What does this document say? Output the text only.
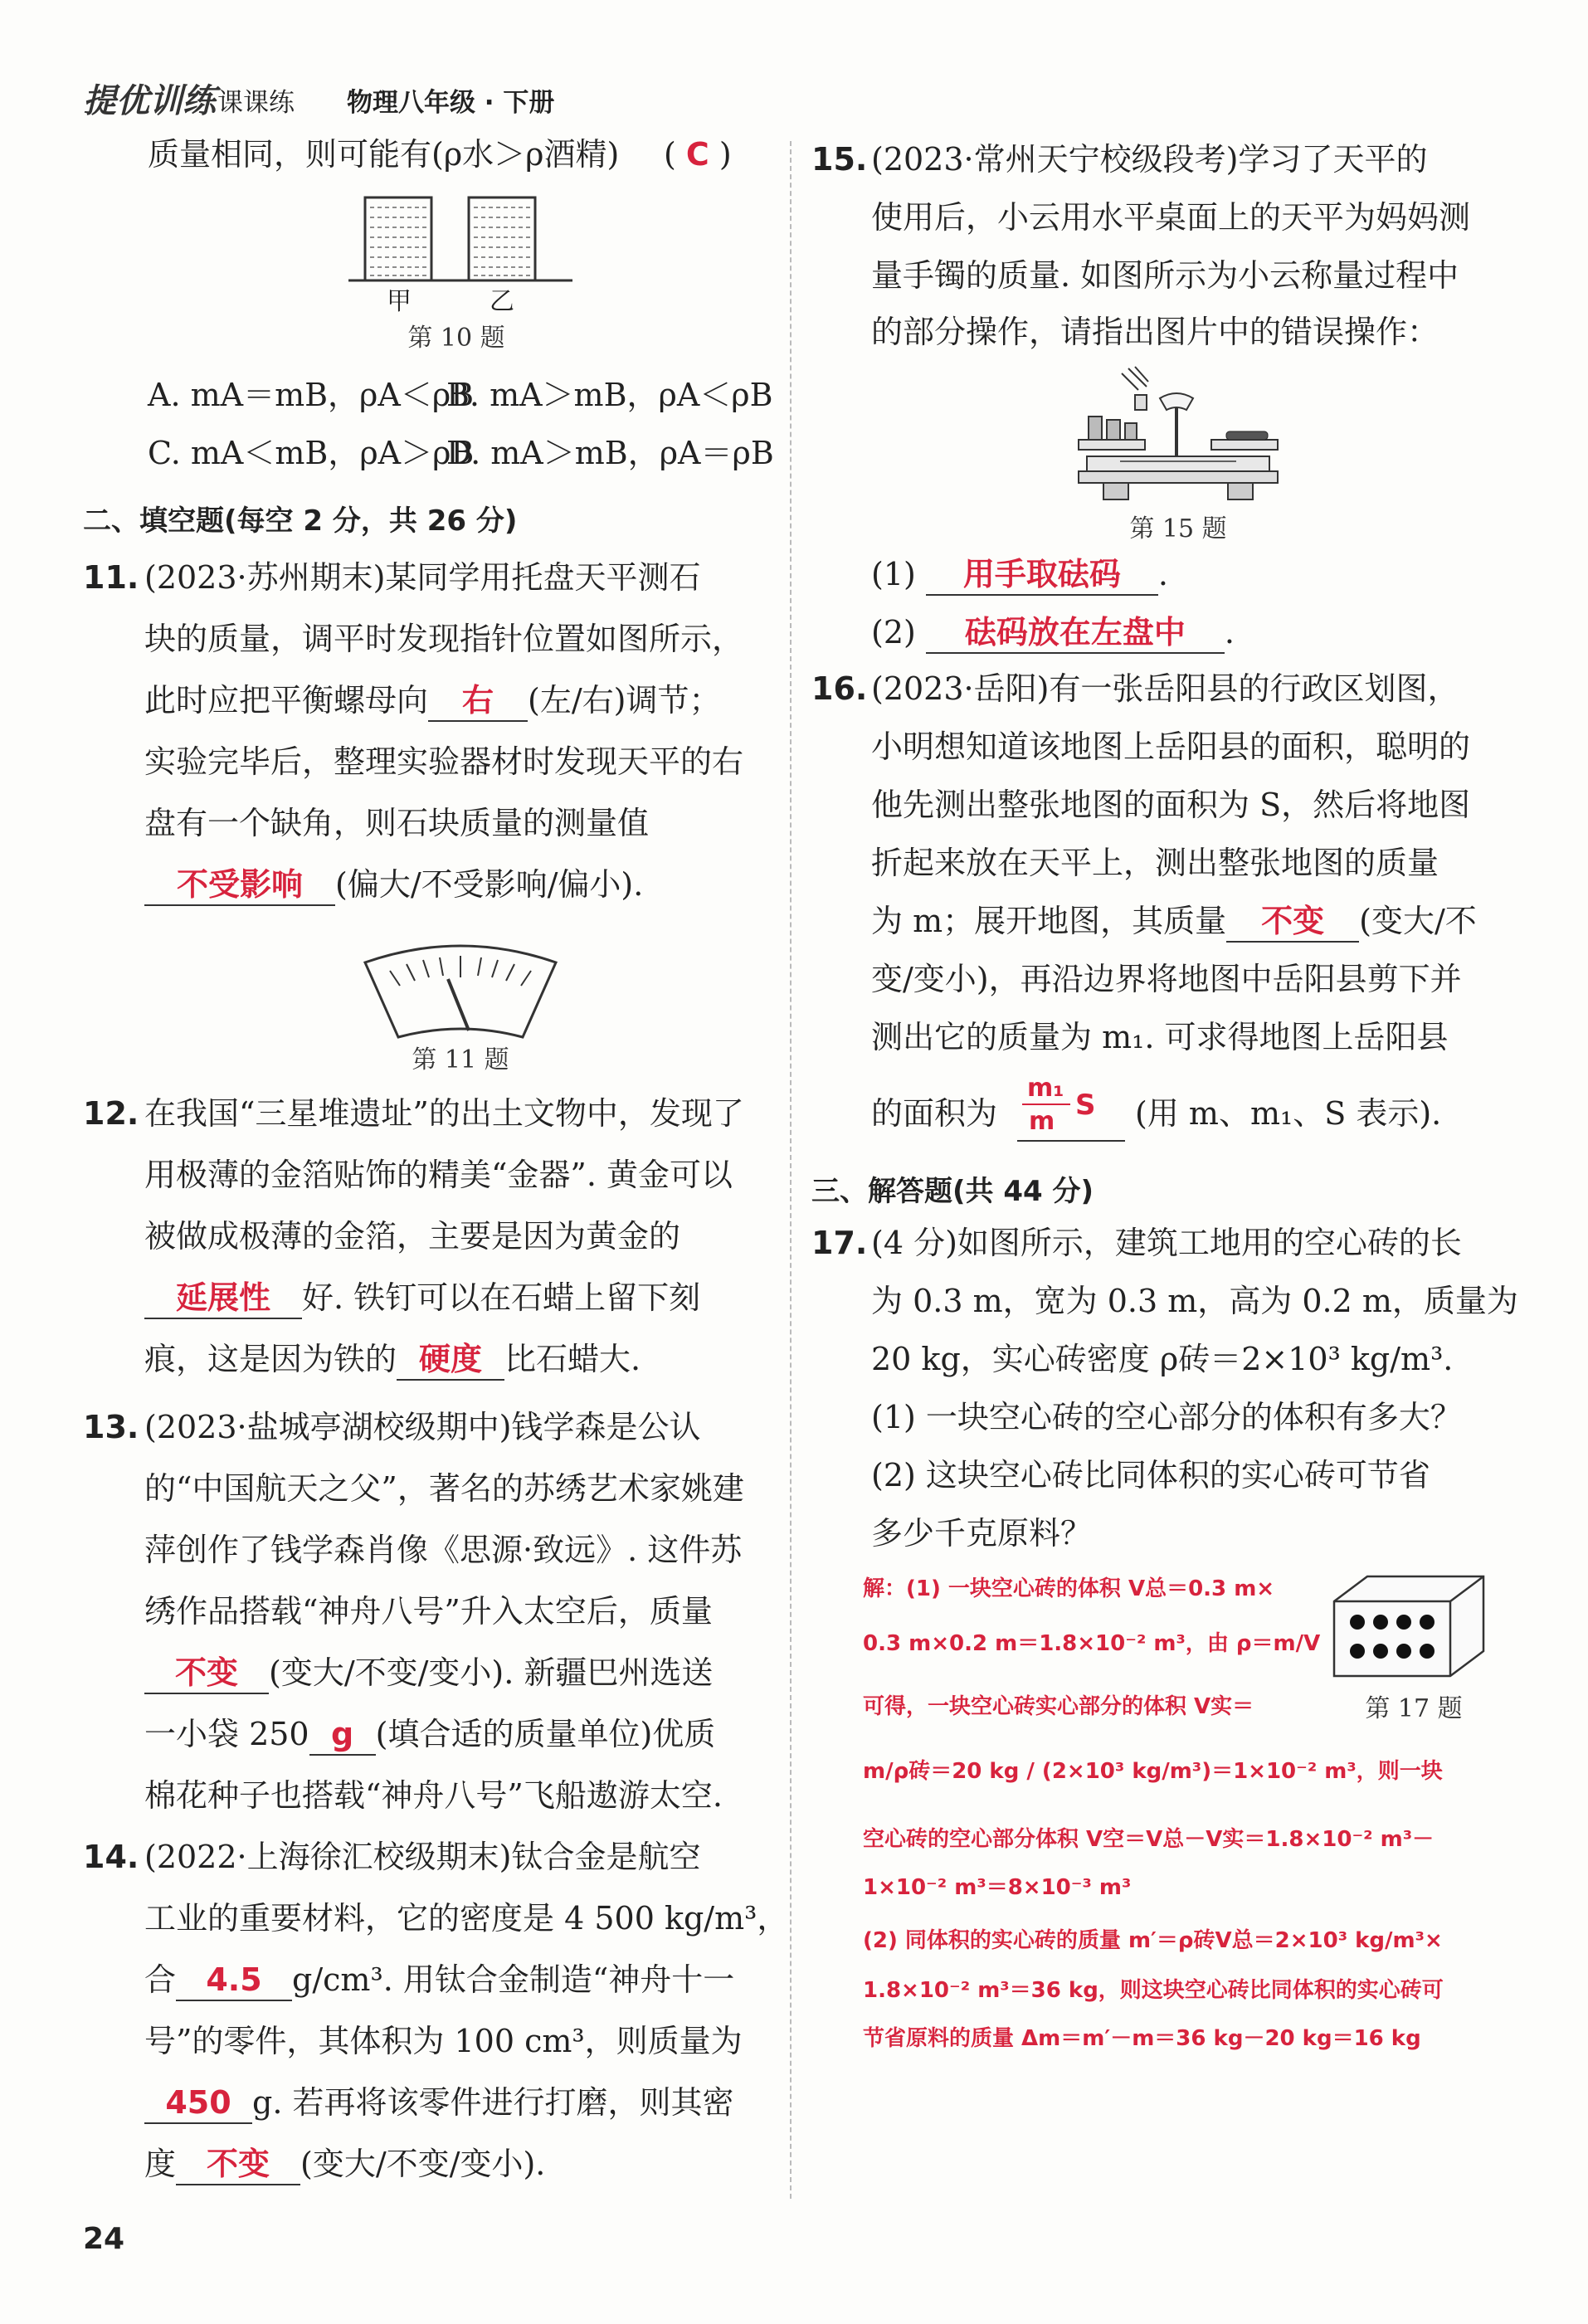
提优训练 课课练 物理八年级 · 下册
质量相同，则可能有(ρ水＞ρ酒精) ( C )
甲	乙
第 10 题
A. mA＝mB，ρA＜ρB
B. mA＞mB，ρA＜ρB
C. mA＜mB，ρA＞ρB
D. mA＞mB，ρA＝ρB
二、填空题(每空 2 分，共 26 分)
11. (2023·苏州期末)某同学用托盘天平测石
块的质量，调平时发现指针位置如图所示，
此时应把平衡螺母向 右 (左/右)调节；
实验完毕后，整理实验器材时发现天平的右
盘有一个缺角，则石块质量的测量值
不受影响 (偏大/不受影响/偏小).
第 11 题
12. 在我国“三星堆遗址”的出土文物中，发现了
用极薄的金箔贴饰的精美“金器”. 黄金可以
被做成极薄的金箔，主要是因为黄金的
延展性 好. 铁钉可以在石蜡上留下刻
痕，这是因为铁的 硬度 比石蜡大.
13. (2023·盐城亭湖校级期中)钱学森是公认
的“中国航天之父”，著名的苏绣艺术家姚建
萍创作了钱学森肖像《思源·致远》. 这件苏
绣作品搭载“神舟八号”升入太空后，质量
不变 (变大/不变/变小). 新疆巴州选送
一小袋 250 g (填合适的质量单位)优质
棉花种子也搭载“神舟八号”飞船遨游太空.
14. (2022·上海徐汇校级期末)钛合金是航空
工业的重要材料，它的密度是 4 500 kg/m³，
合 4.5 g/cm³. 用钛合金制造“神舟十一
号”的零件，其体积为 100 cm³，则质量为
450 g. 若再将该零件进行打磨，则其密
度 不变 (变大/不变/变小).
15. (2023·常州天宁校级段考)学习了天平的
使用后，小云用水平桌面上的天平为妈妈测
量手镯的质量. 如图所示为小云称量过程中
的部分操作，请指出图片中的错误操作：
第 15 题
(1) 用手取砝码 .
(2) 砝码放在左盘中 .
16. (2023·岳阳)有一张岳阳县的行政区划图，
小明想知道该地图上岳阳县的面积，聪明的
他先测出整张地图的面积为 S，然后将地图
折起来放在天平上，测出整张地图的质量
为 m；展开地图，其质量 不变 (变大/不
变/变小)，再沿边界将地图中岳阳县剪下并
测出它的质量为 m₁. 可求得地图上岳阳县
的面积为
m₁
m S (用 m、m₁、S 表示).
三、解答题(共 44 分)
17. (4 分)如图所示，建筑工地用的空心砖的长
为 0.3 m，宽为 0.3 m，高为 0.2 m，质量为
20 kg，实心砖密度 ρ砖＝2×10³ kg/m³.
(1) 一块空心砖的空心部分的体积有多大？
(2) 这块空心砖比同体积的实心砖可节省
多少千克原料？
第 17 题
解：(1) 一块空心砖的体积 V总＝0.3 m×
0.3 m×0.2 m＝1.8×10⁻² m³，由 ρ＝m/V
可得，一块空心砖实心部分的体积 V实＝
m/ρ砖＝20 kg / (2×10³ kg/m³)＝1×10⁻² m³，则一块
空心砖的空心部分体积 V空＝V总－V实＝1.8×10⁻² m³－
1×10⁻² m³＝8×10⁻³ m³
(2) 同体积的实心砖的质量 m′＝ρ砖V总＝2×10³ kg/m³×
1.8×10⁻² m³＝36 kg，则这块空心砖比同体积的实心砖可
节省原料的质量 Δm＝m′－m＝36 kg－20 kg＝16 kg
24
